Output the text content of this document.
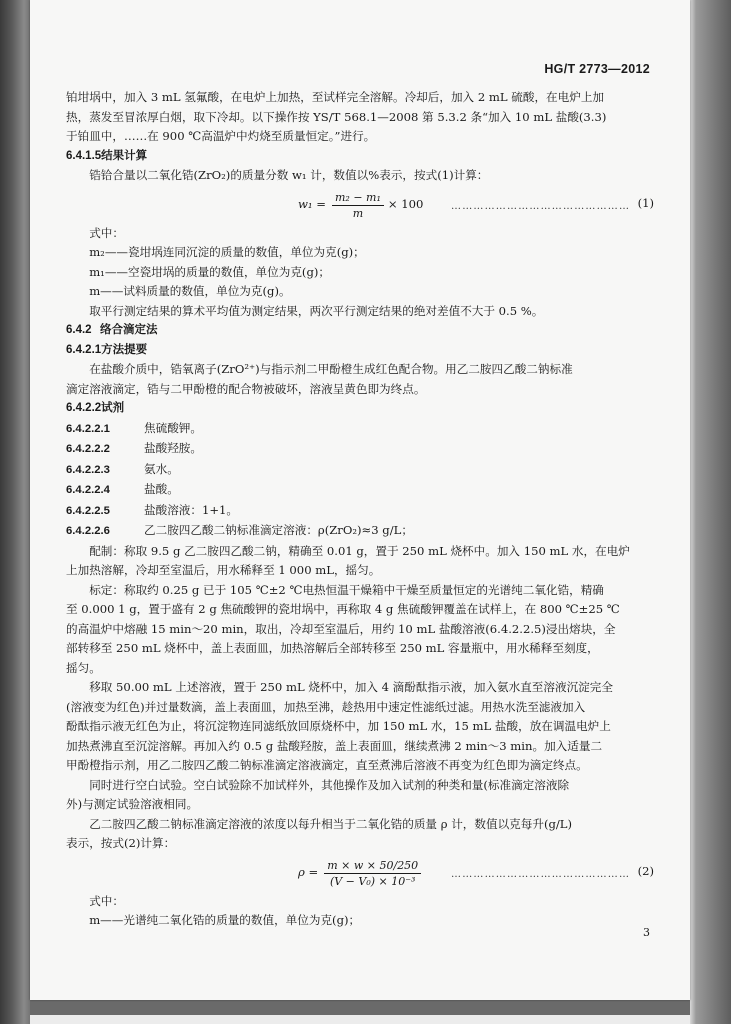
HG/T 2773—2012

铂坩埚中，加入 3 mL 氢氟酸，在电炉上加热，至试样完全溶解。冷却后，加入 2 mL 硫酸，在电炉上加

热，蒸发至冒浓厚白烟，取下冷却。以下操作按 YS/T 568.1—2008 第 5.3.2 条“加入 10 mL 盐酸(3.3)

于铂皿中，……在 900 ℃高温炉中灼烧至质量恒定。”进行。

6.4.1.5结果计算

锆铪合量以二氧化锆(ZrO₂)的质量分数 w₁ 计，数值以%表示，按式(1)计算：

$w_1 = \frac{\text{m₂ − m₁}}{m} \times 100$	………………………………………… (1)

式中：

m₂——瓷坩埚连同沉淀的质量的数值，单位为克(g)；

m₁——空瓷坩埚的质量的数值，单位为克(g)；

m——试料质量的数值，单位为克(g)。

取平行测定结果的算术平均值为测定结果，两次平行测定结果的绝对差值不大于 0.5 %。

6.4.2 络合滴定法

6.4.2.1方法提要

在盐酸介质中，锆氧离子(ZrO²⁺)与指示剂二甲酚橙生成红色配合物。用乙二胺四乙酸二钠标准

滴定溶液滴定，锆与二甲酚橙的配合物被破坏，溶液呈黄色即为终点。

6.4.2.2试剂

6.4.2.2.1	焦硫酸钾。

6.4.2.2.2	盐酸羟胺。

6.4.2.2.3	氨水。

6.4.2.2.4	盐酸。

6.4.2.2.5	盐酸溶液：1+1。

6.4.2.2.6	乙二胺四乙酸二钠标准滴定溶液：ρ(ZrO₂)≈3 g/L；

配制：称取 9.5 g 乙二胺四乙酸二钠，精确至 0.01 g，置于 250 mL 烧杯中。加入 150 mL 水，在电炉

上加热溶解，冷却至室温后，用水稀释至 1 000 mL，摇匀。

标定：称取约 0.25 g 已于 105 ℃±2 ℃电热恒温干燥箱中干燥至质量恒定的光谱纯二氧化锆，精确

至 0.000 1 g，置于盛有 2 g 焦硫酸钾的瓷坩埚中，再称取 4 g 焦硫酸钾覆盖在试样上，在 800 ℃±25 ℃

的高温炉中熔融 15 min～20 min，取出，冷却至室温后，用约 10 mL 盐酸溶液(6.4.2.2.5)浸出熔块，全

部转移至 250 mL 烧杯中，盖上表面皿，加热溶解后全部转移至 250 mL 容量瓶中，用水稀释至刻度，

摇匀。

移取 50.00 mL 上述溶液，置于 250 mL 烧杯中，加入 4 滴酚酞指示液，加入氨水直至溶液沉淀完全

(溶液变为红色)并过量数滴，盖上表面皿，加热至沸，趁热用中速定性滤纸过滤。用热水洗至滤液加入

酚酞指示液无红色为止，将沉淀物连同滤纸放回原烧杯中，加 150 mL 水，15 mL 盐酸，放在调温电炉上

加热煮沸直至沉淀溶解。再加入约 0.5 g 盐酸羟胺，盖上表面皿，继续煮沸 2 min～3 min。加入适量二

甲酚橙指示剂，用乙二胺四乙酸二钠标准滴定溶液滴定，直至煮沸后溶液不再变为红色即为滴定终点。

同时进行空白试验。空白试验除不加试样外，其他操作及加入试剂的种类和量(标准滴定溶液除

外)与测定试验溶液相同。

乙二胺四乙酸二钠标准滴定溶液的浓度以每升相当于二氧化锆的质量 ρ 计，数值以克每升(g/L)

表示，按式(2)计算：

$\rho = \frac{m \times w \times 50/250}{\text{(V − V₀) × 10⁻³}}$	………………………………………… (2)

式中：

m——光谱纯二氧化锆的质量的数值，单位为克(g)；

3
